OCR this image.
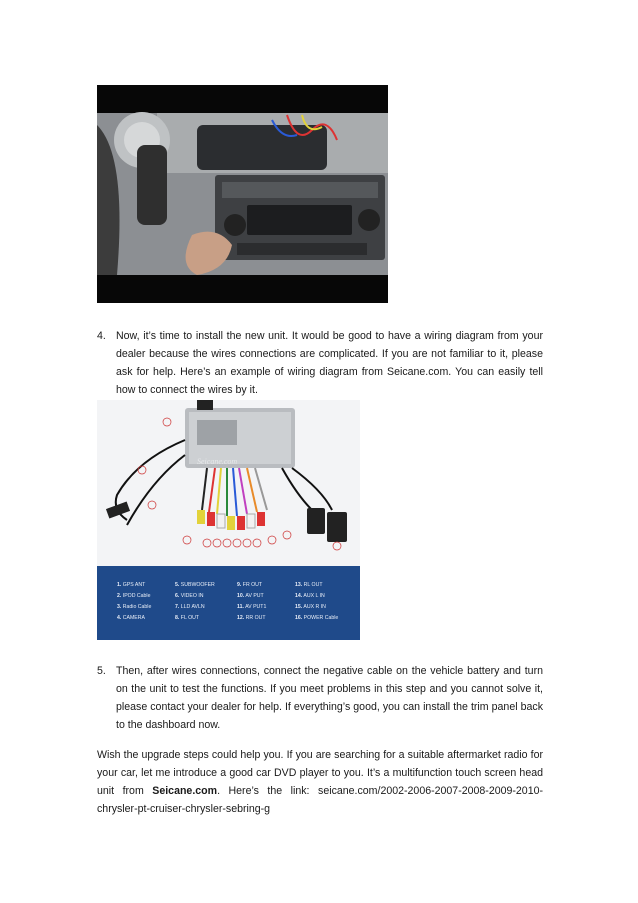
4. Now, it’s time to install the new unit. It would be good to have a wiring diagram from your dealer because the wires connections are complicated. If you are not familiar to it, please ask for help. Here’s an example of wiring diagram from Seicane.com. You can easily tell how to connect the wires by it.

Seicane.com
1. GPS ANT
2. IPOD Cable
3. Radio Cable
4. CAMERA
5. SUBWOOFER
6. VIDEO IN
7. LLD AVLN
8. FL OUT
9. FR OUT
10. AV PUT
11. AV PUT1
12. RR OUT
13. RL OUT
14. AUX L IN
15. AUX R IN
16. POWER Cable
5. Then, after wires connections, connect the negative cable on the vehicle battery and turn on the unit to test the functions. If you meet problems in this step and you cannot solve it, please contact your dealer for help. If everything’s good, you can install the trim panel back to the dashboard now.

Wish the upgrade steps could help you. If you are searching for a suitable aftermarket radio for your car, let me introduce a good car DVD player to you. It’s a multifunction touch screen head unit from Seicane.com. Here’s the link: seicane.com/2002-2006-2007-2008-2009-2010-chrysler-pt-cruiser-chrysler-sebring-g
